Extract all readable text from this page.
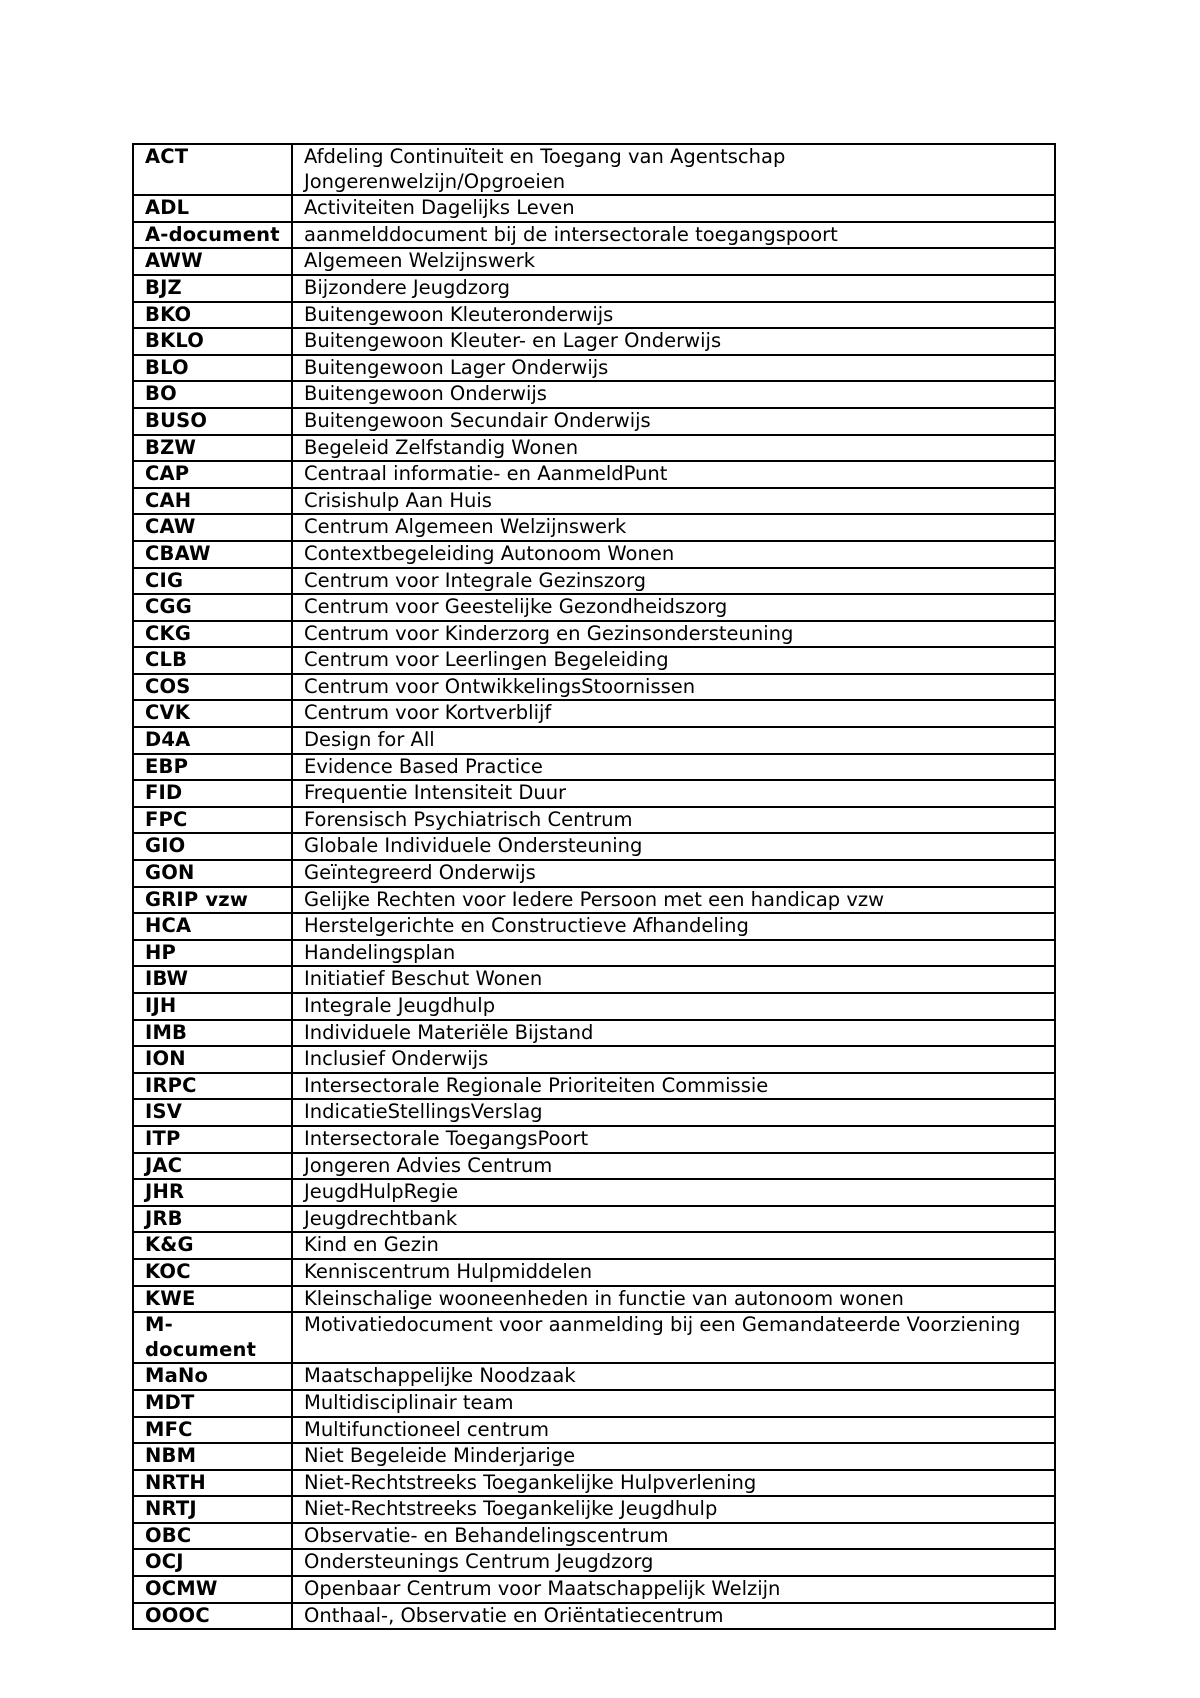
ACT	Afdeling Continuïteit en Toegang van Agentschap Jongerenwelzijn/Opgroeien
ADL	Activiteiten Dagelijks Leven
A-document	aanmelddocument bij de intersectorale toegangspoort
AWW	Algemeen Welzijnswerk
BJZ	Bijzondere Jeugdzorg
BKO	Buitengewoon Kleuteronderwijs
BKLO	Buitengewoon Kleuter- en Lager Onderwijs
BLO	Buitengewoon Lager Onderwijs
BO	Buitengewoon Onderwijs
BUSO	Buitengewoon Secundair Onderwijs
BZW	Begeleid Zelfstandig Wonen
CAP	Centraal informatie- en AanmeldPunt
CAH	Crisishulp Aan Huis
CAW	Centrum Algemeen Welzijnswerk
CBAW	Contextbegeleiding Autonoom Wonen
CIG	Centrum voor Integrale Gezinszorg
CGG	Centrum voor Geestelijke Gezondheidszorg
CKG	Centrum voor Kinderzorg en Gezinsondersteuning
CLB	Centrum voor Leerlingen Begeleiding
COS	Centrum voor OntwikkelingsStoornissen
CVK	Centrum voor Kortverblijf
D4A	Design for All
EBP	Evidence Based Practice
FID	Frequentie Intensiteit Duur
FPC	Forensisch Psychiatrisch Centrum
GIO	Globale Individuele Ondersteuning
GON	Geïntegreerd Onderwijs
GRIP vzw	Gelijke Rechten voor Iedere Persoon met een handicap vzw
HCA	Herstelgerichte en Constructieve Afhandeling
HP	Handelingsplan
IBW	Initiatief Beschut Wonen
IJH	Integrale Jeugdhulp
IMB	Individuele Materiële Bijstand
ION	Inclusief Onderwijs
IRPC	Intersectorale Regionale Prioriteiten Commissie
ISV	IndicatieStellingsVerslag
ITP	Intersectorale ToegangsPoort
JAC	Jongeren Advies Centrum
JHR	JeugdHulpRegie
JRB	Jeugdrechtbank
K&G	Kind en Gezin
KOC	Kenniscentrum Hulpmiddelen
KWE	Kleinschalige wooneenheden in functie van autonoom wonen
M-document	Motivatiedocument voor aanmelding bij een Gemandateerde Voorziening
MaNo	Maatschappelijke Noodzaak
MDT	Multidisciplinair team
MFC	Multifunctioneel centrum
NBM	Niet Begeleide Minderjarige
NRTH	Niet-Rechtstreeks Toegankelijke Hulpverlening
NRTJ	Niet-Rechtstreeks Toegankelijke Jeugdhulp
OBC	Observatie- en Behandelingscentrum
OCJ	Ondersteunings Centrum Jeugdzorg
OCMW	Openbaar Centrum voor Maatschappelijk Welzijn
OOOC	Onthaal-, Observatie en Oriëntatiecentrum
